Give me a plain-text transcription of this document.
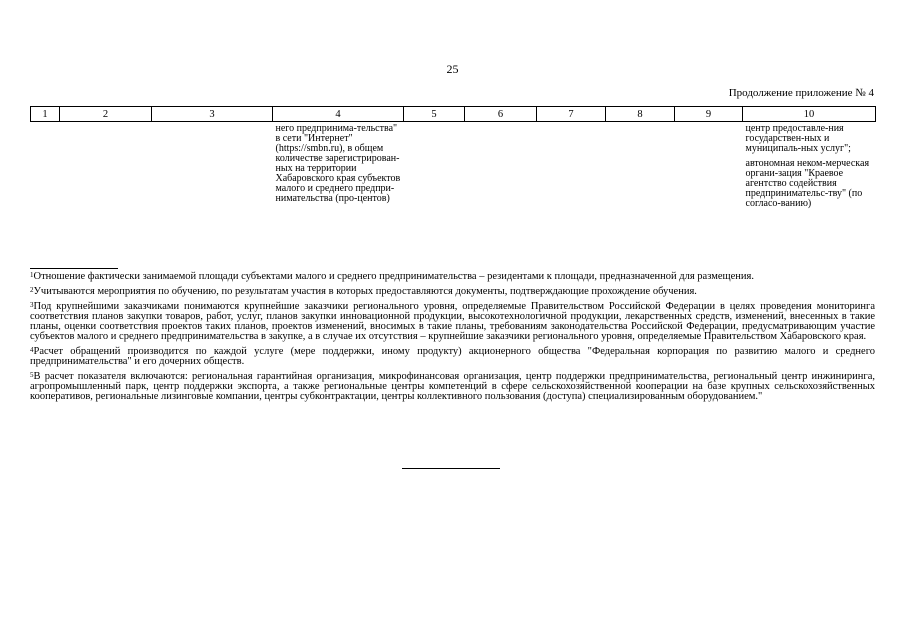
25
Продолжение приложение № 4
1	2	3	4	5	6	7	8	9	10

			него предпринима-тельства" в сети "Интернет" (https://smbn.ru), в общем количестве зарегистрирован-ных на территории Хабаровского края субъектов малого и среднего предпри-нимательства (про-центов)						центр предоставле-ния государствен-ных и муниципаль-ных услуг";

автономная неком-мерческая органи-зация "Краевое агентство содействия предпринимательс-тву" (по согласо-ванию)

$^1$Отношение фактически занимаемой площади субъектами малого и среднего предпринимательства – резидентами к площади, предназначенной для размещения.

$^2$Учитываются мероприятия по обучению, по результатам участия в которых предоставляются документы, подтверждающие прохождение обучения.

$^3$Под крупнейшими заказчиками понимаются крупнейшие заказчики регионального уровня, определяемые Правительством Российской Федерации в целях проведения мониторинга соответствия планов закупки товаров, работ, услуг, планов закупки инновационной продукции, высокотехнологичной продукции, лекарственных средств, изменений, внесенных в такие планы, оценки соответствия проектов таких планов, проектов изменений, вносимых в такие планы, требованиям законодательства Российской Федерации, предусматривающим участие субъектов малого и среднего предпринимательства в закупке, а в случае их отсутствия – крупнейшие заказчики регионального уровня, определяемые Правительством Хабаровского края.

$^4$Расчет обращений производится по каждой услуге (мере поддержки, иному продукту) акционерного общества "Федеральная корпорация по развитию малого и среднего предпринимательства" и его дочерних обществ.

$^5$В расчет показателя включаются: региональная гарантийная организация, микрофинансовая организация, центр поддержки предпринимательства, региональный центр инжиниринга, агропромышленный парк, центр поддержки экспорта, а также региональные центры компетенций в сфере сельскохозяйственной кооперации на базе крупных сельскохозяйственных кооперативов, региональные лизинговые компании, центры субконтрактации, центры коллективного пользования (доступа) специализированным оборудованием."
